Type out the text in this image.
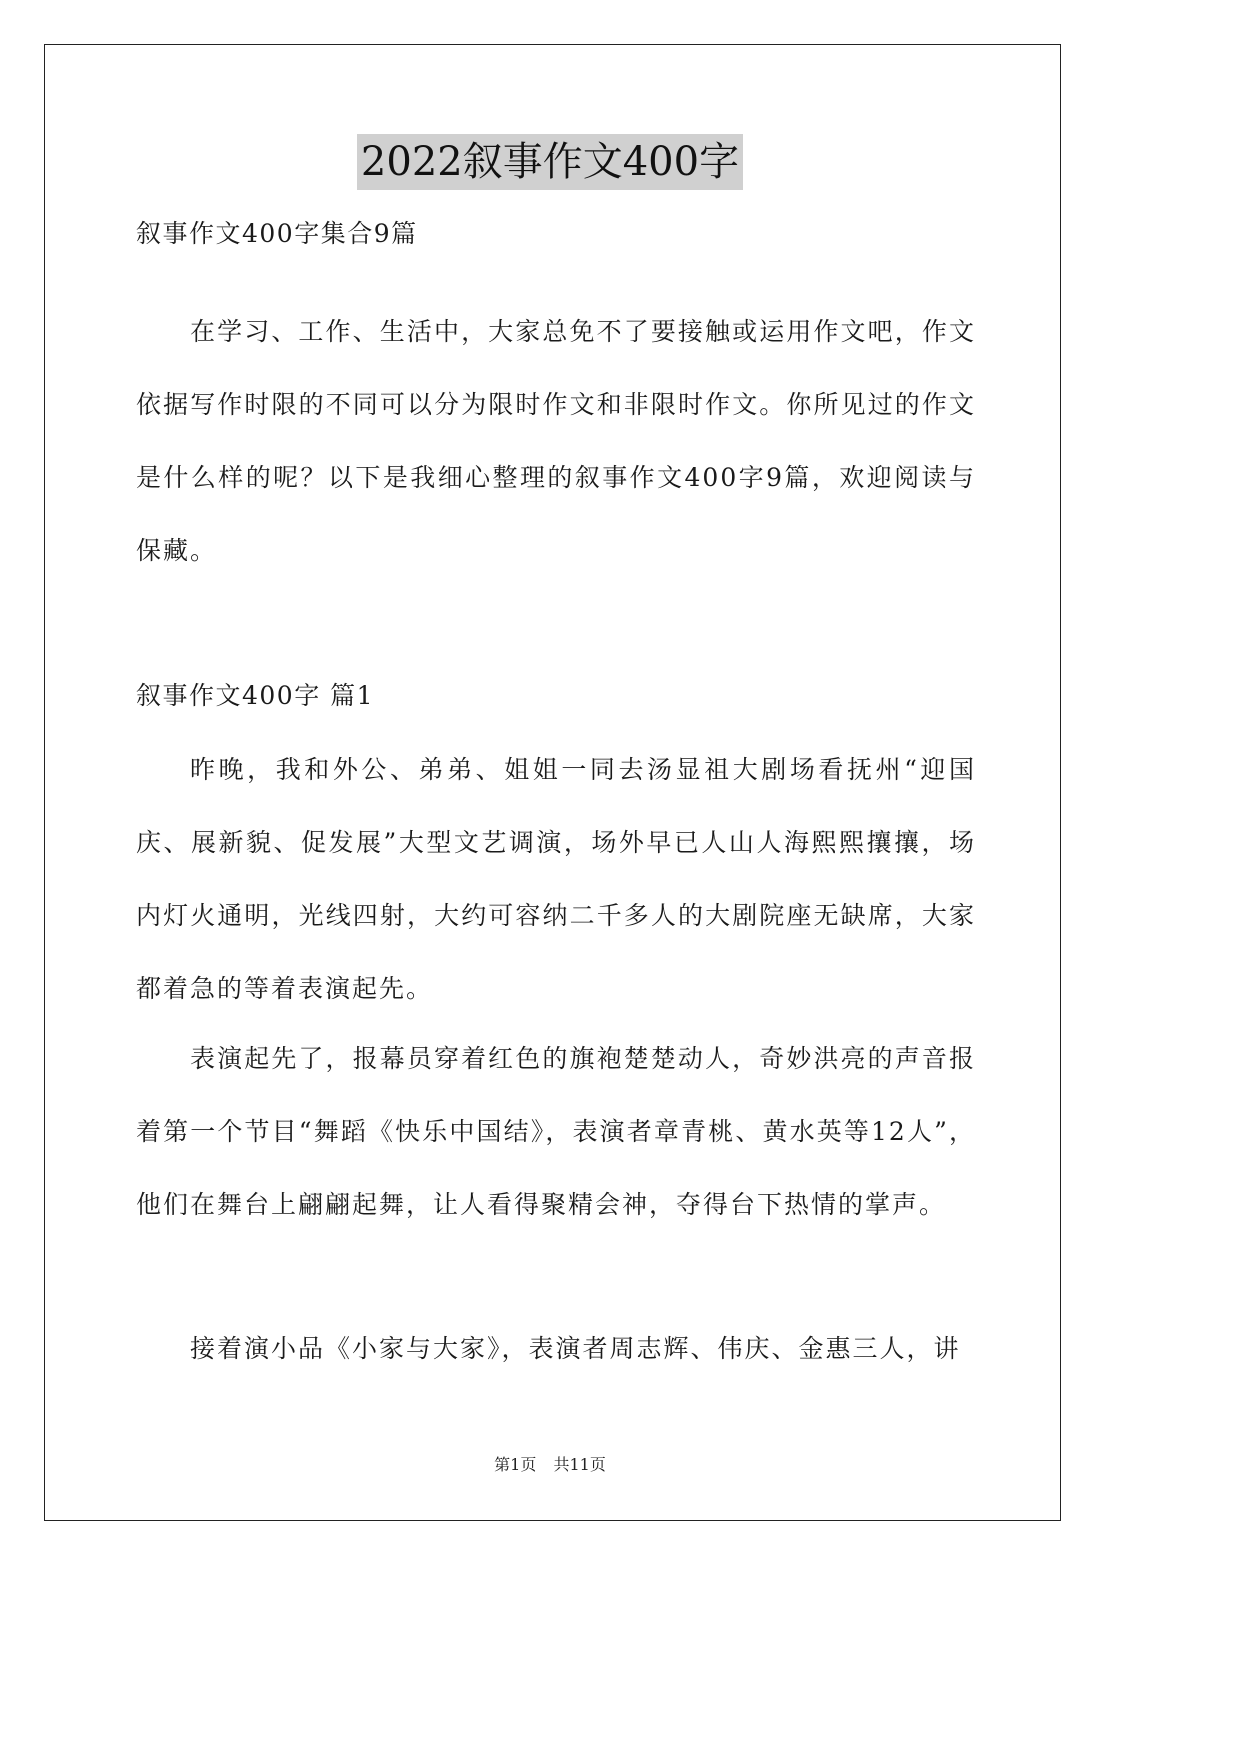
2022叙事作文400字
叙事作文400字集合9篇
在学习、工作、生活中，大家总免不了要接触或运用作文吧，作文依据写作时限的不同可以分为限时作文和非限时作文。你所见过的作文是什么样的呢？以下是我细心整理的叙事作文400字9篇，欢迎阅读与保藏。
叙事作文400字 篇1
昨晚，我和外公、弟弟、姐姐一同去汤显祖大剧场看抚州“迎国庆、展新貌、促发展”大型文艺调演，场外早已人山人海熙熙攘攘，场内灯火通明，光线四射，大约可容纳二千多人的大剧院座无缺席，大家都着急的等着表演起先。
表演起先了，报幕员穿着红色的旗袍楚楚动人，奇妙洪亮的声音报着第一个节目“舞蹈《快乐中国结》，表演者章青桃、黄水英等12人”，他们在舞台上翩翩起舞，让人看得聚精会神，夺得台下热情的掌声。
接着演小品《小家与大家》，表演者周志辉、伟庆、金惠三人，讲
第1页 共11页
